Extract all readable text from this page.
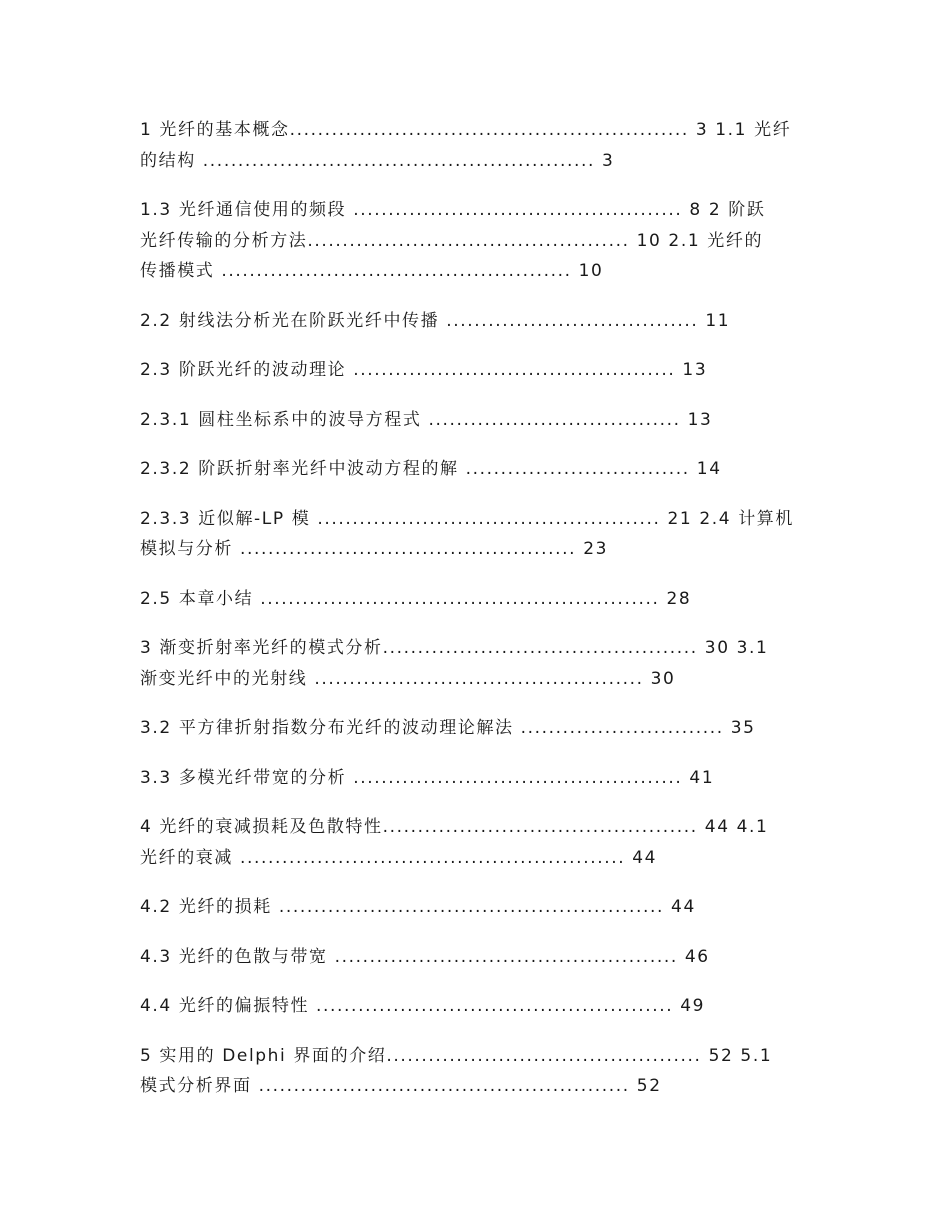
1 光纤的基本概念......................................................... 3 1.1 光纤
的结构 ........................................................ 3
1.3 光纤通信使用的频段 ............................................... 8 2 阶跃
光纤传输的分析方法.............................................. 10 2.1 光纤的
传播模式 .................................................. 10
2.2 射线法分析光在阶跃光纤中传播 .................................... 11
2.3 阶跃光纤的波动理论 .............................................. 13
2.3.1 圆柱坐标系中的波导方程式 .................................... 13
2.3.2 阶跃折射率光纤中波动方程的解 ................................ 14
2.3.3 近似解-LP 模 ................................................. 21 2.4 计算机
模拟与分析 ................................................ 23
2.5 本章小结 ......................................................... 28
3 渐变折射率光纤的模式分析............................................. 30 3.1
渐变光纤中的光射线 ............................................... 30
3.2 平方律折射指数分布光纤的波动理论解法 ............................. 35
3.3 多模光纤带宽的分析 ............................................... 41
4 光纤的衰减损耗及色散特性............................................. 44 4.1
光纤的衰减 ....................................................... 44
4.2 光纤的损耗 ....................................................... 44
4.3 光纤的色散与带宽 ................................................. 46
4.4 光纤的偏振特性 ................................................... 49
5 实用的 Delphi 界面的介绍............................................. 52 5.1
模式分析界面 ..................................................... 52
